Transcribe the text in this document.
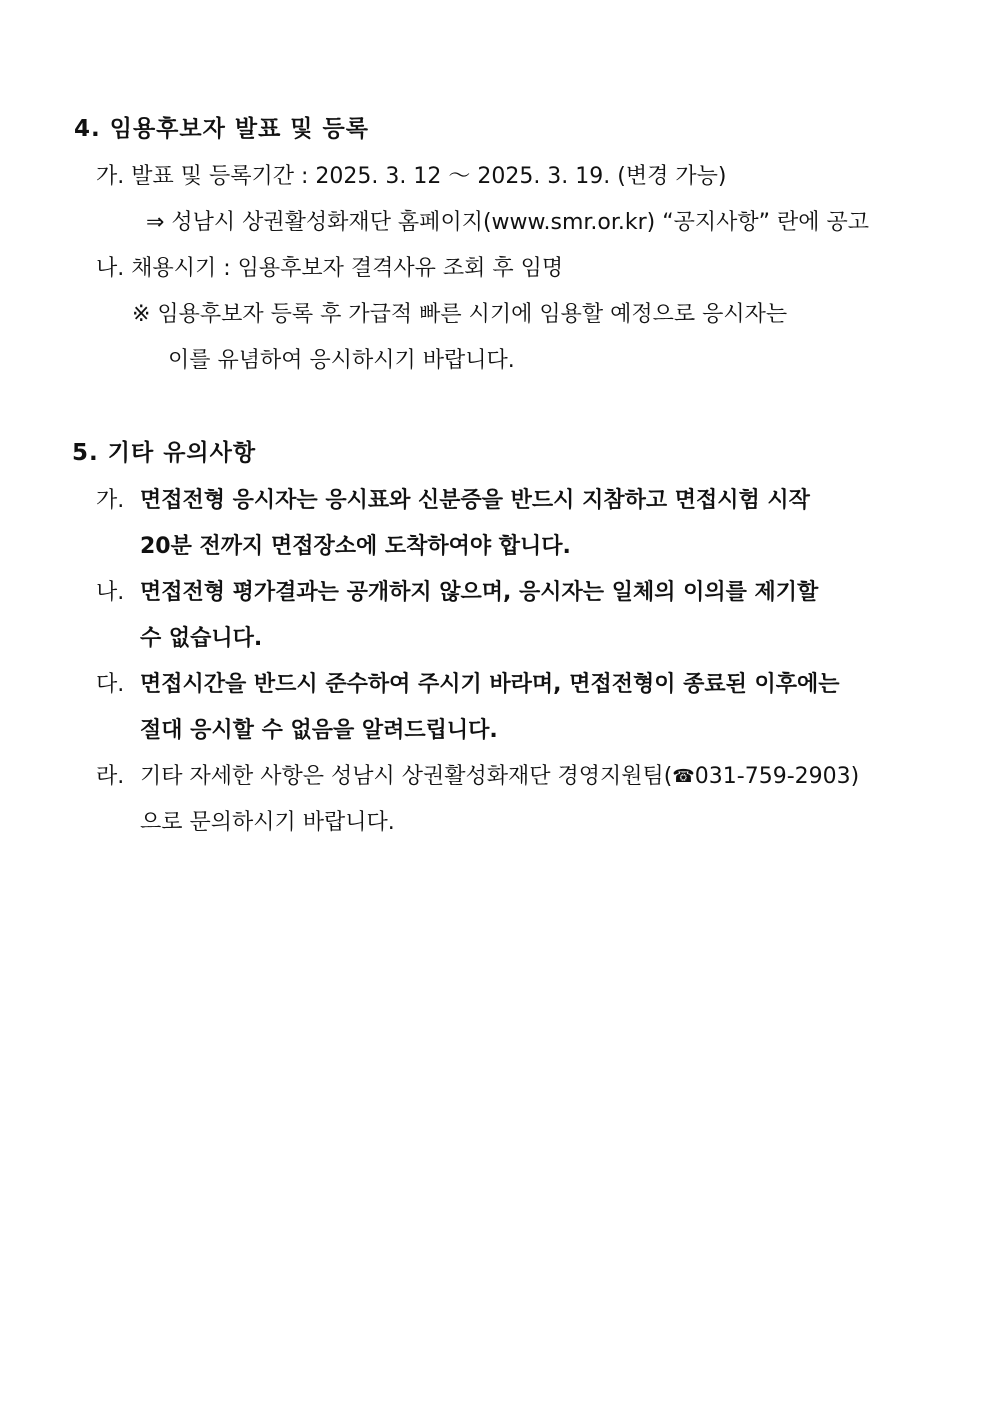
4. 임용후보자 발표 및 등록
가. 발표 및 등록기간 : 2025. 3. 12 ～ 2025. 3. 19. (변경 가능)
⇒ 성남시 상권활성화재단 홈페이지(www.smr.or.kr) “공지사항” 란에 공고
나. 채용시기 : 임용후보자 결격사유 조회 후 임명
※ 임용후보자 등록 후 가급적 빠른 시기에 임용할 예정으로 응시자는
이를 유념하여 응시하시기 바랍니다.
5. 기타 유의사항
가. 면접전형 응시자는 응시표와 신분증을 반드시 지참하고 면접시험 시작
20분 전까지 면접장소에 도착하여야 합니다.
나. 면접전형 평가결과는 공개하지 않으며, 응시자는 일체의 이의를 제기할
수 없습니다.
다. 면접시간을 반드시 준수하여 주시기 바라며, 면접전형이 종료된 이후에는
절대 응시할 수 없음을 알려드립니다.
라. 기타 자세한 사항은 성남시 상권활성화재단 경영지원팀(☎031-759-2903)
으로 문의하시기 바랍니다.
